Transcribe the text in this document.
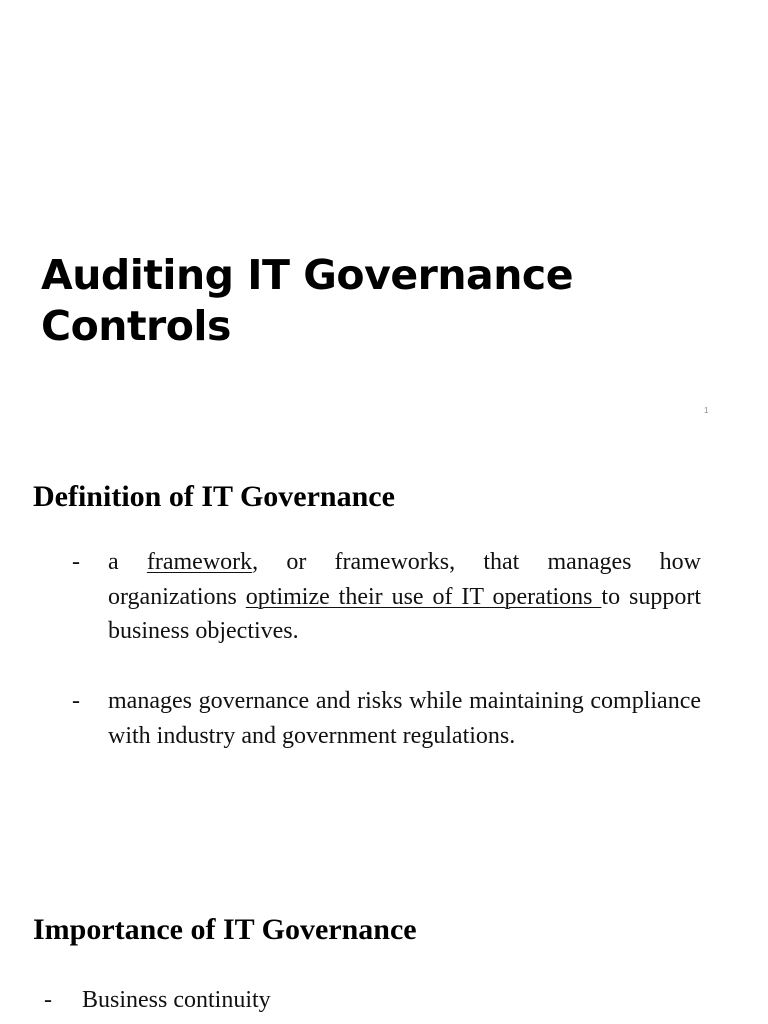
Auditing IT Governance Controls
1
Definition of IT Governance
- a framework, or frameworks, that manages how organizations optimize their use of IT operations to support business objectives.
- manages governance and risks while maintaining compliance with industry and government regulations.
Importance of IT Governance
- Business continuity
